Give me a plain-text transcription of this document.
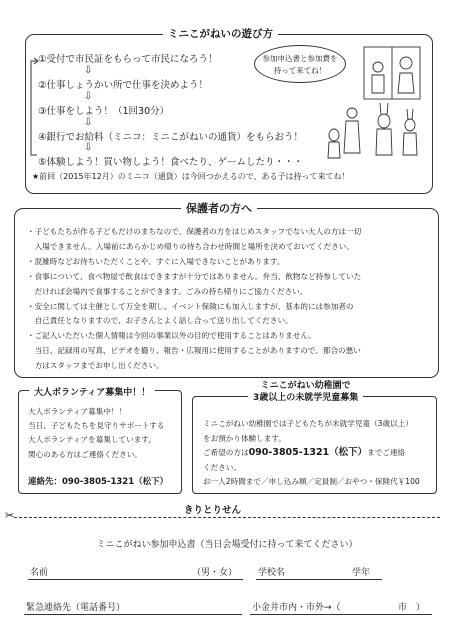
①受付で市民証をもらって市民になろう！
⇩
②仕事しょうかい所で仕事を決めよう！
⇩
③仕事をしよう！（1回30分）
⇩
④銀行でお給料（ミニコ：ミニこがねいの通貨）をもらおう！
⇩
⑤体験しよう！買い物しよう！食べたり、ゲームしたり・・・
★前回（2015年12月）のミニコ（通貨）は今回つかえるので、ある子は持って来てね！
参加申込書と参加費を
持って来てね！
ミニこがねいの遊び方
・子どもたちが作る子どもだけのまちなので、保護者の方をはじめスタッフでない大人の方は一切
　入場できません。入場前にあらかじめ帰りの待ち合わせ時間と場所を決めておいてください。
・混雑時などお待ちいただくことや、すぐに入場できないことがあります。
・食事について、食べ物屋で飲食はできますが十分ではありません。弁当、飲物など持参していた
　だければ会場内で食事することができます。ごみの持ち帰りにご協力ください。
・安全に関しては主催として万全を期し、イベント保険にも加入しますが、基本的には参加者の
　自己責任となりますので、お子さんとよく話し合って送り出してください。
・ご記入いただいた個人情報は今回の事業以外の目的で使用することはありません。
　当日、記録用の写真、ビデオを撮り、報告・広報用に使用することがありますので、都合の悪い
　方はスタッフまでお申し出ください。
保護者の方へ
大人ボランティア募集中！！
当日、子どもたちを見守りサポートする
大人ボランティアを募集しています。
関心のある方はご連絡ください。
連絡先：090-3805-1321（松下）
大人ボランティア募集中！！
ミニこがねい幼稚園では子どもたちが未就学児童（3歳以上）
をお預かり体験します。
ご希望の方は090-3805-1321（松下）までご連絡
ください。
お一人2時間まで／申し込み順／定員制／おやつ・保険代￥100
ミニこがねい幼稚園で
3歳以上の未就学児童募集
✂	きりとりせん
ミニこがねい参加申込書（当日会場受付に持って来てください）
名前	（男・女） 学校名	学年
緊急連絡先（電話番号）	小金井市内・市外→（	市　）
